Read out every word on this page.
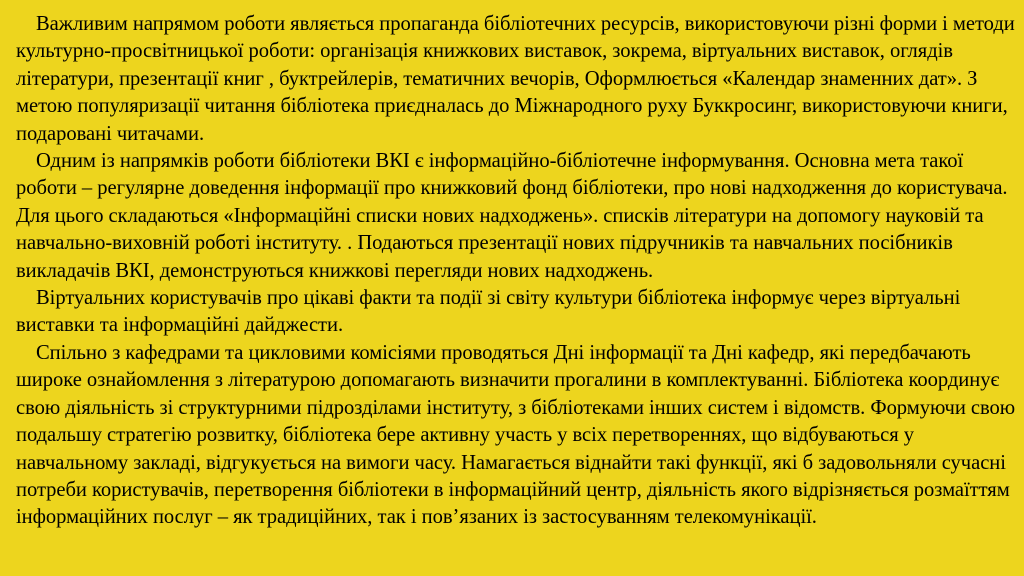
Важливим напрямом роботи являється пропаганда бібліотечних ресурсів, використовуючи різні форми і методи культурно-просвітницької роботи: організація книжкових виставок, зокрема, віртуальних виставок, оглядів літератури, презентації книг , буктрейлерів, тематичних вечорів, Оформлюється «Календар знаменних дат». З метою популяризації читання бібліотека приєдналась до Міжнародного руху Буккросинг, використовуючи книги, подаровані читачами.

Одним із напрямків роботи бібліотеки ВКІ є інформаційно-бібліотечне інформування. Основна мета такої роботи – регулярне доведення інформації про книжковий фонд бібліотеки, про нові надходження до користувача. Для цього складаються «Інформаційні списки нових надходжень». списків літератури на допомогу науковій та навчально-виховній роботі інституту. . Подаються презентації нових підручників та навчальних посібників викладачів ВКІ, демонструються книжкові перегляди нових надходжень.

Віртуальних користувачів про цікаві факти та події зі світу культури бібліотека інформує через віртуальні виставки та інформаційні дайджести.

Спільно з кафедрами та цикловими комісіями проводяться Дні інформації та Дні кафедр, які передбачають широке ознайомлення з літературою допомагають визначити прогалини в комплектуванні. Бібліотека координує свою діяльність зі структурними підрозділами інституту, з бібліотеками інших систем і відомств. Формуючи свою подальшу стратегію розвитку, бібліотека бере активну участь у всіх перетвореннях, що відбуваються у навчальному закладі, відгукується на вимоги часу. Намагається віднайти такі функції, які б задовольняли сучасні потреби користувачів, перетворення бібліотеки в інформаційний центр, діяльність якого відрізняється розмаїттям інформаційних послуг – як традиційних, так і пов’язаних із застосуванням телекомунікації.
